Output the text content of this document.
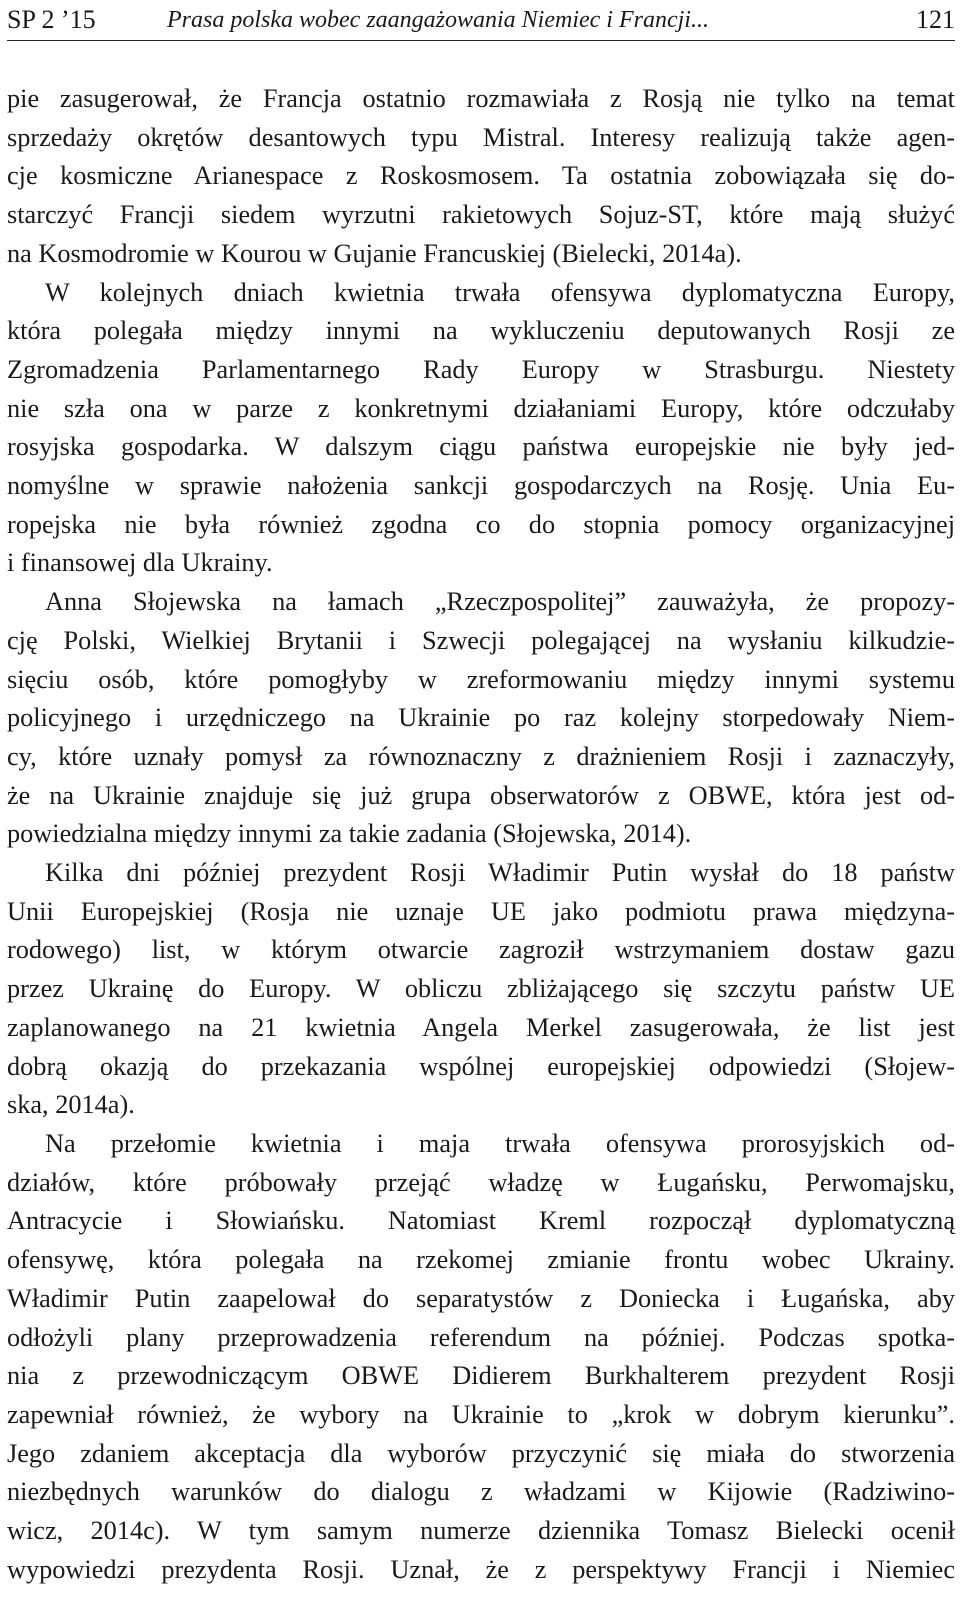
SP 2 ’15	Prasa polska wobec zaangażowania Niemiec i Francji...	121

pie zasugerował, że Francja ostatnio rozmawiała z Rosją nie tylko na temat

sprzedaży okrętów desantowych typu Mistral. Interesy realizują także agen-

cje kosmiczne Arianespace z Roskosmosem. Ta ostatnia zobowiązała się do-

starczyć Francji siedem wyrzutni rakietowych Sojuz-ST, które mają służyć

na Kosmodromie w Kourou w Gujanie Francuskiej (Bielecki, 2014a).

W kolejnych dniach kwietnia trwała ofensywa dyplomatyczna Europy,

która polegała między innymi na wykluczeniu deputowanych Rosji ze

Zgromadzenia Parlamentarnego Rady Europy w Strasburgu. Niestety

nie szła ona w parze z konkretnymi działaniami Europy, które odczułaby

rosyjska gospodarka. W dalszym ciągu państwa europejskie nie były jed-

nomyślne w sprawie nałożenia sankcji gospodarczych na Rosję. Unia Eu-

ropejska nie była również zgodna co do stopnia pomocy organizacyjnej

i finansowej dla Ukrainy.

Anna Słojewska na łamach „Rzeczpospolitej” zauważyła, że propozy-

cję Polski, Wielkiej Brytanii i Szwecji polegającej na wysłaniu kilkudzie-

sięciu osób, które pomogłyby w zreformowaniu między innymi systemu

policyjnego i urzędniczego na Ukrainie po raz kolejny storpedowały Niem-

cy, które uznały pomysł za równoznaczny z drażnieniem Rosji i zaznaczyły,

że na Ukrainie znajduje się już grupa obserwatorów z OBWE, która jest od-

powiedzialna między innymi za takie zadania (Słojewska, 2014).

Kilka dni później prezydent Rosji Władimir Putin wysłał do 18 państw

Unii Europejskiej (Rosja nie uznaje UE jako podmiotu prawa międzyna-

rodowego) list, w którym otwarcie zagroził wstrzymaniem dostaw gazu

przez Ukrainę do Europy. W obliczu zbliżającego się szczytu państw UE

zaplanowanego na 21 kwietnia Angela Merkel zasugerowała, że list jest

dobrą okazją do przekazania wspólnej europejskiej odpowiedzi (Słojew-

ska, 2014a).

Na przełomie kwietnia i maja trwała ofensywa prorosyjskich od-

działów, które próbowały przejąć władzę w Ługańsku, Perwomajsku,

Antracycie i Słowiańsku. Natomiast Kreml rozpoczął dyplomatyczną

ofensywę, która polegała na rzekomej zmianie frontu wobec Ukrainy.

Władimir Putin zaapelował do separatystów z Doniecka i Ługańska, aby

odłożyli plany przeprowadzenia referendum na później. Podczas spotka-

nia z przewodniczącym OBWE Didierem Burkhalterem prezydent Rosji

zapewniał również, że wybory na Ukrainie to „krok w dobrym kierunku”.

Jego zdaniem akceptacja dla wyborów przyczynić się miała do stworzenia

niezbędnych warunków do dialogu z władzami w Kijowie (Radziwino-

wicz, 2014c). W tym samym numerze dziennika Tomasz Bielecki ocenił

wypowiedzi prezydenta Rosji. Uznał, że z perspektywy Francji i Niemiec
